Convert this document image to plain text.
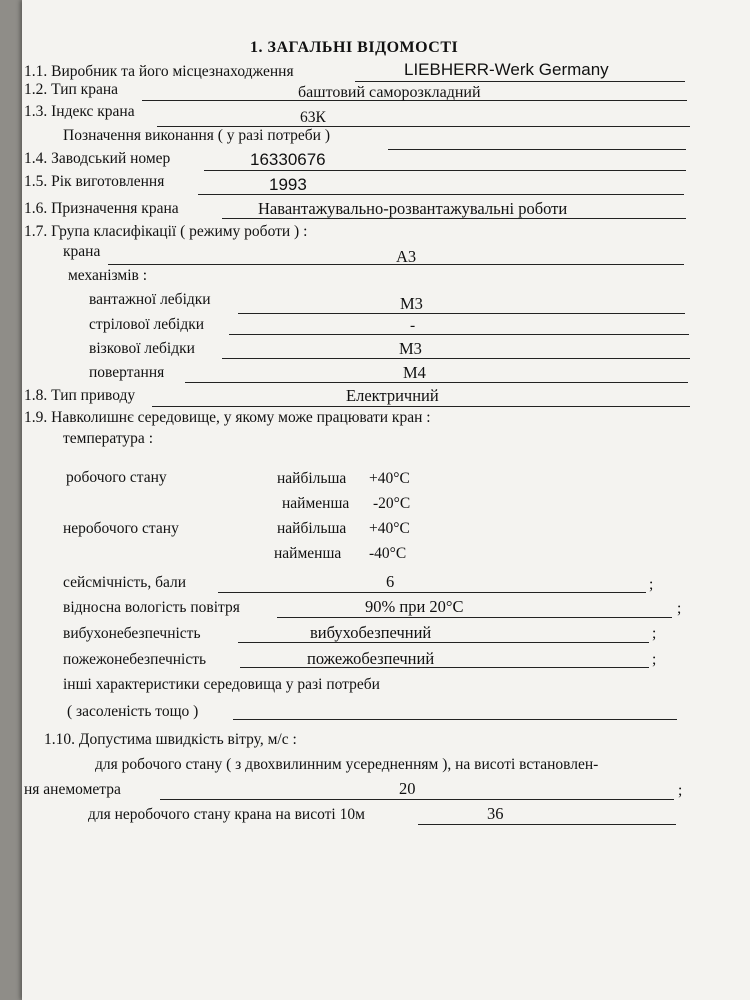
1. ЗАГАЛЬНІ ВІДОМОСТІ
1.1. Виробник та його місцезнаходження	LIEBHERR-Werk Germany
1.2. Тип крана	баштовий саморозкладний
1.3. Індекс крана	63К
Позначення виконання ( у разі потреби )
1.4. Заводський номер	16330676
1.5. Рік виготовлення	1993
1.6. Призначення крана	Навантажувально-розвантажувальні роботи
1.7. Група класифікації ( режиму роботи ) :
крана	А3
механізмів :
вантажної лебідки	М3
стрілової лебідки	-
візкової лебідки	М3
повертання	М4
1.8. Тип приводу	Електричний
1.9. Навколишнє середовище, у якому може працювати кран :
температура :
робочого стану	найбільша +40°С
найменша -20°С
неробочого стану	найбільша +40°С
найменша -40°С
сейсмічність, бали	6	;
відносна вологість повітря	90% при 20°С	;
вибухонебезпечність	вибухобезпечний	;
пожежонебезпечність	пожежобезпечний	;
інші характеристики середовища у разі потреби
( засоленість тощо )
1.10. Допустима швидкість вітру, м/с :
для робочого стану ( з двохвилинним усередненням ), на висоті встановлен-
ня анемометра	20	;
для неробочого стану крана на висоті 10м	36
